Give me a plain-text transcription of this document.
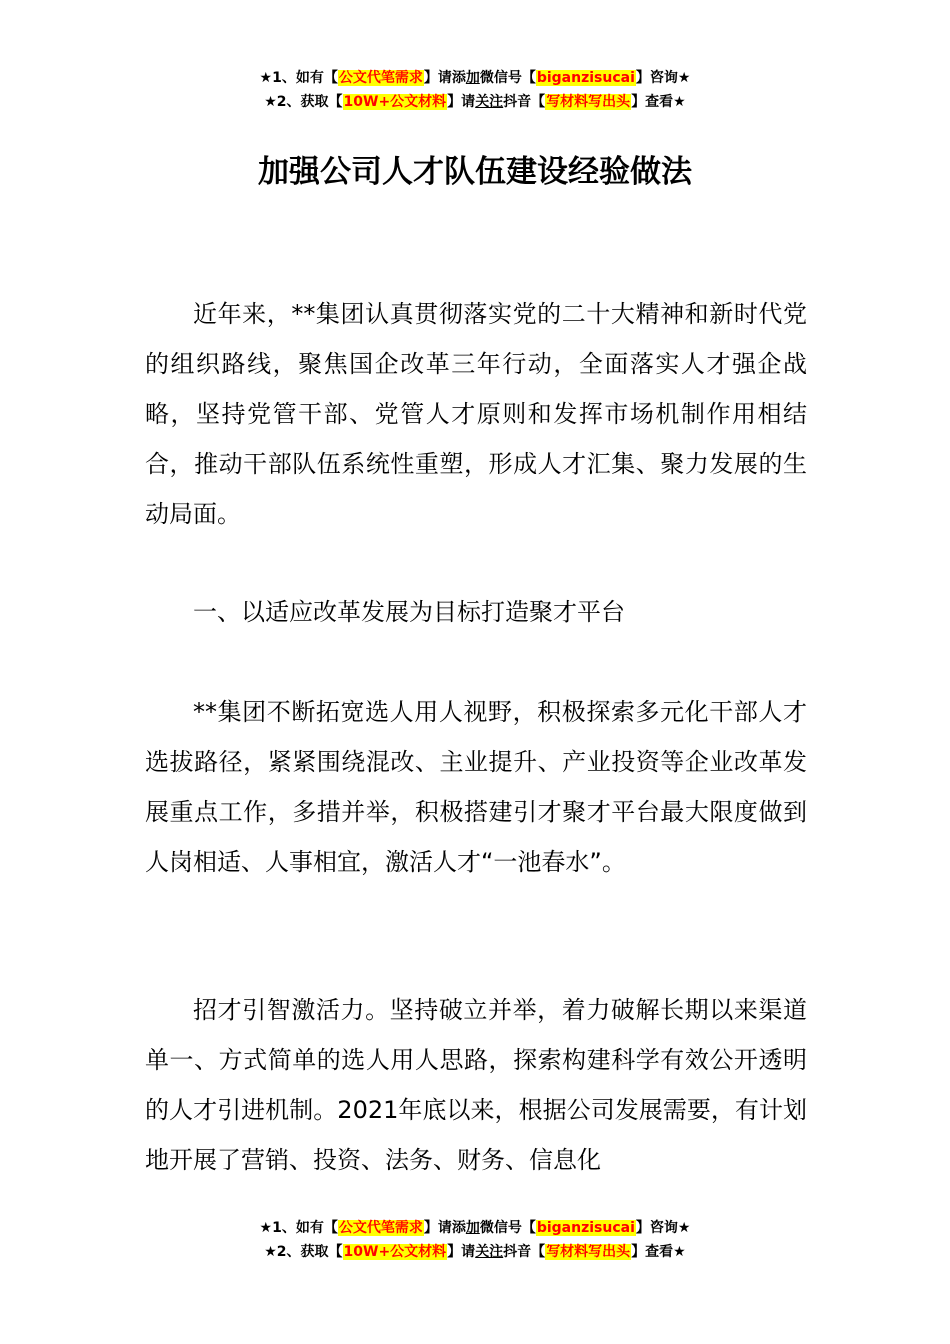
★1、如有【公文代笔需求】请添加微信号【biganzisucai】咨询★
★2、获取【10W+公文材料】请关注抖音【写材料写出头】查看★
加强公司人才队伍建设经验做法

近年来，**集团认真贯彻落实党的二十大精神和新时代党的组织路线，聚焦国企改革三年行动，全面落实人才强企战略，坚持党管干部、党管人才原则和发挥市场机制作用相结合，推动干部队伍系统性重塑，形成人才汇集、聚力发展的生动局面。

一、以适应改革发展为目标打造聚才平台

**集团不断拓宽选人用人视野，积极探索多元化干部人才选拔路径，紧紧围绕混改、主业提升、产业投资等企业改革发展重点工作，多措并举，积极搭建引才聚才平台最大限度做到人岗相适、人事相宜，激活人才“一池春水”。

招才引智激活力。坚持破立并举，着力破解长期以来渠道单一、方式简单的选人用人思路，探索构建科学有效公开透明的人才引进机制。2021年底以来，根据公司发展需要，有计划地开展了营销、投资、法务、财务、信息化

★1、如有【公文代笔需求】请添加微信号【biganzisucai】咨询★
★2、获取【10W+公文材料】请关注抖音【写材料写出头】查看★
